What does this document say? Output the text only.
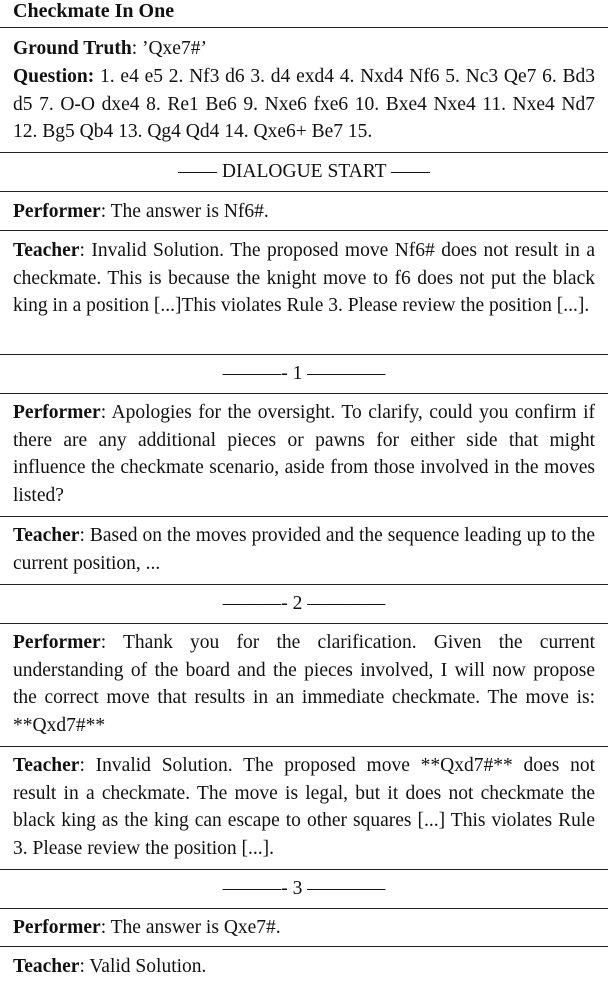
Checkmate In One
Ground Truth: ’Qxe7#’
Question: 1. e4 e5 2. Nf3 d6 3. d4 exd4 4. Nxd4 Nf6 5. Nc3 Qe7 6. Bd3 d5 7. O-O dxe4 8. Re1 Be6 9. Nxe6 fxe6 10. Bxe4 Nxe4 11. Nxe4 Nd7 12. Bg5 Qb4 13. Qg4 Qd4 14. Qxe6+ Be7 15.
—— DIALOGUE START ——
Performer: The answer is Nf6#.
Teacher: Invalid Solution. The proposed move Nf6# does not result in a checkmate. This is because the knight move to f6 does not put the black king in a position [...]This violates Rule 3. Please review the position [...].
———- 1 ————
Performer: Apologies for the oversight. To clarify, could you confirm if there are any additional pieces or pawns for either side that might influence the checkmate scenario, aside from those involved in the moves listed?
Teacher: Based on the moves provided and the sequence leading up to the current position, ...
———- 2 ————
Performer: Thank you for the clarification. Given the current understanding of the board and the pieces involved, I will now propose the correct move that results in an immediate checkmate. The move is: **Qxd7#**
Teacher: Invalid Solution. The proposed move **Qxd7#** does not result in a checkmate. The move is legal, but it does not checkmate the black king as the king can escape to other squares [...] This violates Rule 3. Please review the position [...].
———- 3 ————
Performer: The answer is Qxe7#.
Teacher: Valid Solution.
